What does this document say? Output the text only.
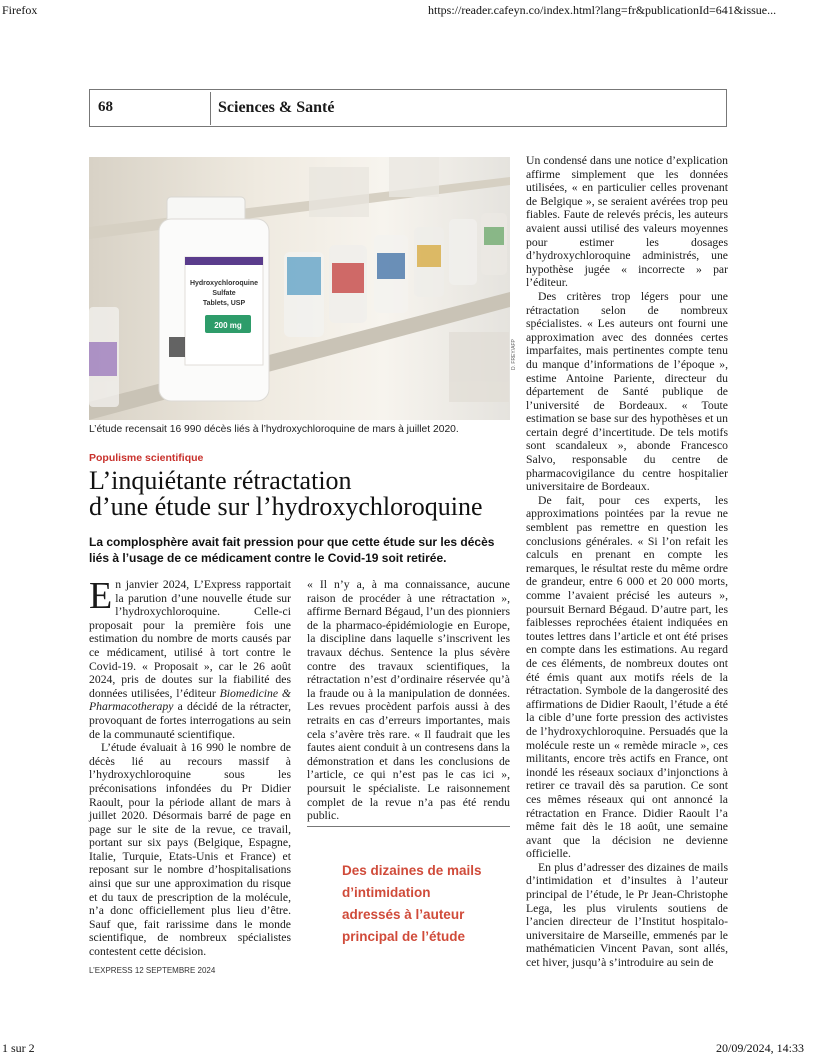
Firefox	https://reader.cafeyn.co/index.html?lang=fr&publicationId=641&issue...
1 sur 2	20/09/2024, 14:33
68	Sciences & Santé
Hydroxychloroquine
Sulfate
Tablets, USP
200 mg
D. FREY/AFP
L’étude recensait 16 990 décès liés à l’hydroxychloroquine de mars à juillet 2020.
Populisme scientifique
L’inquiétante rétractation
d’une étude sur l’hydroxychloroquine
La complosphère avait fait pression pour que cette étude sur les décès liés à l’usage de ce médicament contre le Covid-19 soit retirée.

En janvier 2024, L’Express rapportait la parution d’une nouvelle étude sur l’hydroxychloroquine. Celle-ci proposait pour la première fois une estimation du nombre de morts causés par ce médicament, utilisé à tort contre le Covid-19. « Proposait », car le 26 août 2024, pris de doutes sur la fiabilité des données utilisées, l’éditeur Biomedicine & Pharmacotherapy a décidé de la rétracter, provoquant de fortes interrogations au sein de la communauté scientifique.

L’étude évaluait à 16 990 le nombre de décès lié au recours massif à l’hydroxychloroquine sous les préconisations infondées du Pr Didier Raoult, pour la période allant de mars à juillet 2020. Désormais barré de page en page sur le site de la revue, ce travail, portant sur six pays (Belgique, Espagne, Italie, Turquie, Etats-Unis et France) et reposant sur le nombre d’hospitalisations ainsi que sur une approximation du risque et du taux de prescription de la molécule, n’a donc officiellement plus lieu d’être. Sauf que, fait rarissime dans le monde scientifique, de nombreux spécialistes contestent cette décision.

« Il n’y a, à ma connaissance, aucune raison de procéder à une rétractation », affirme Bernard Bégaud, l’un des pionniers de la pharmaco-épidémiologie en Europe, la discipline dans laquelle s’inscrivent les travaux déchus. Sentence la plus sévère contre des travaux scientifiques, la rétractation n’est d’ordinaire réservée qu’à la fraude ou à la manipulation de données. Les revues procèdent parfois aussi à des retraits en cas d’erreurs importantes, mais cela s’avère très rare. « Il faudrait que les fautes aient conduit à un contresens dans la démonstration et dans les conclusions de l’article, ce qui n’est pas le cas ici », poursuit le spécialiste. Le raisonnement complet de la revue n’a pas été rendu public.

Des dizaines de mails d’intimidation adressés à l’auteur principal de l’étude

Un condensé dans une notice d’explication affirme simplement que les données utilisées, « en particulier celles provenant de Belgique », se seraient avérées trop peu fiables. Faute de relevés précis, les auteurs avaient aussi utilisé des valeurs moyennes pour estimer les dosages d’hydroxychloroquine administrés, une hypothèse jugée « incorrecte » par l’éditeur.

Des critères trop légers pour une rétractation selon de nombreux spécialistes. « Les auteurs ont fourni une approximation avec des données certes imparfaites, mais pertinentes compte tenu du manque d’informations de l’époque », estime Antoine Pariente, directeur du département de Santé publique de l’université de Bordeaux. « Toute estimation se base sur des hypothèses et un certain degré d’incertitude. De tels motifs sont scandaleux », abonde Francesco Salvo, responsable du centre de pharmacovigilance du centre hospitalier universitaire de Bordeaux.

De fait, pour ces experts, les approximations pointées par la revue ne semblent pas remettre en question les conclusions générales. « Si l’on refait les calculs en prenant en compte les remarques, le résultat reste du même ordre de grandeur, entre 6 000 et 20 000 morts, comme l’avaient précisé les auteurs », poursuit Bernard Bégaud. D’autre part, les faiblesses reprochées étaient indiquées en toutes lettres dans l’article et ont été prises en compte dans les estimations. Au regard de ces éléments, de nombreux doutes ont été émis quant aux motifs réels de la rétractation. Symbole de la dangerosité des affirmations de Didier Raoult, l’étude a été la cible d’une forte pression des activistes de l’hydroxychloroquine. Persuadés que la molécule reste un « remède miracle », ces militants, encore très actifs en France, ont inondé les réseaux sociaux d’injonctions à retirer ce travail dès sa parution. Ce sont ces mêmes réseaux qui ont annoncé la rétractation en France. Didier Raoult l’a même fait dès le 18 août, une semaine avant que la décision ne devienne officielle.

En plus d’adresser des dizaines de mails d’intimidation et d’insultes à l’auteur principal de l’étude, le Pr Jean-Christophe Lega, les plus virulents soutiens de l’ancien directeur de l’Institut hospitalo-universitaire de Marseille, emmenés par le mathématicien Vincent Pavan, sont allés, cet hiver, jusqu’à s’introduire au sein de

L’EXPRESS 12 SEPTEMBRE 2024
